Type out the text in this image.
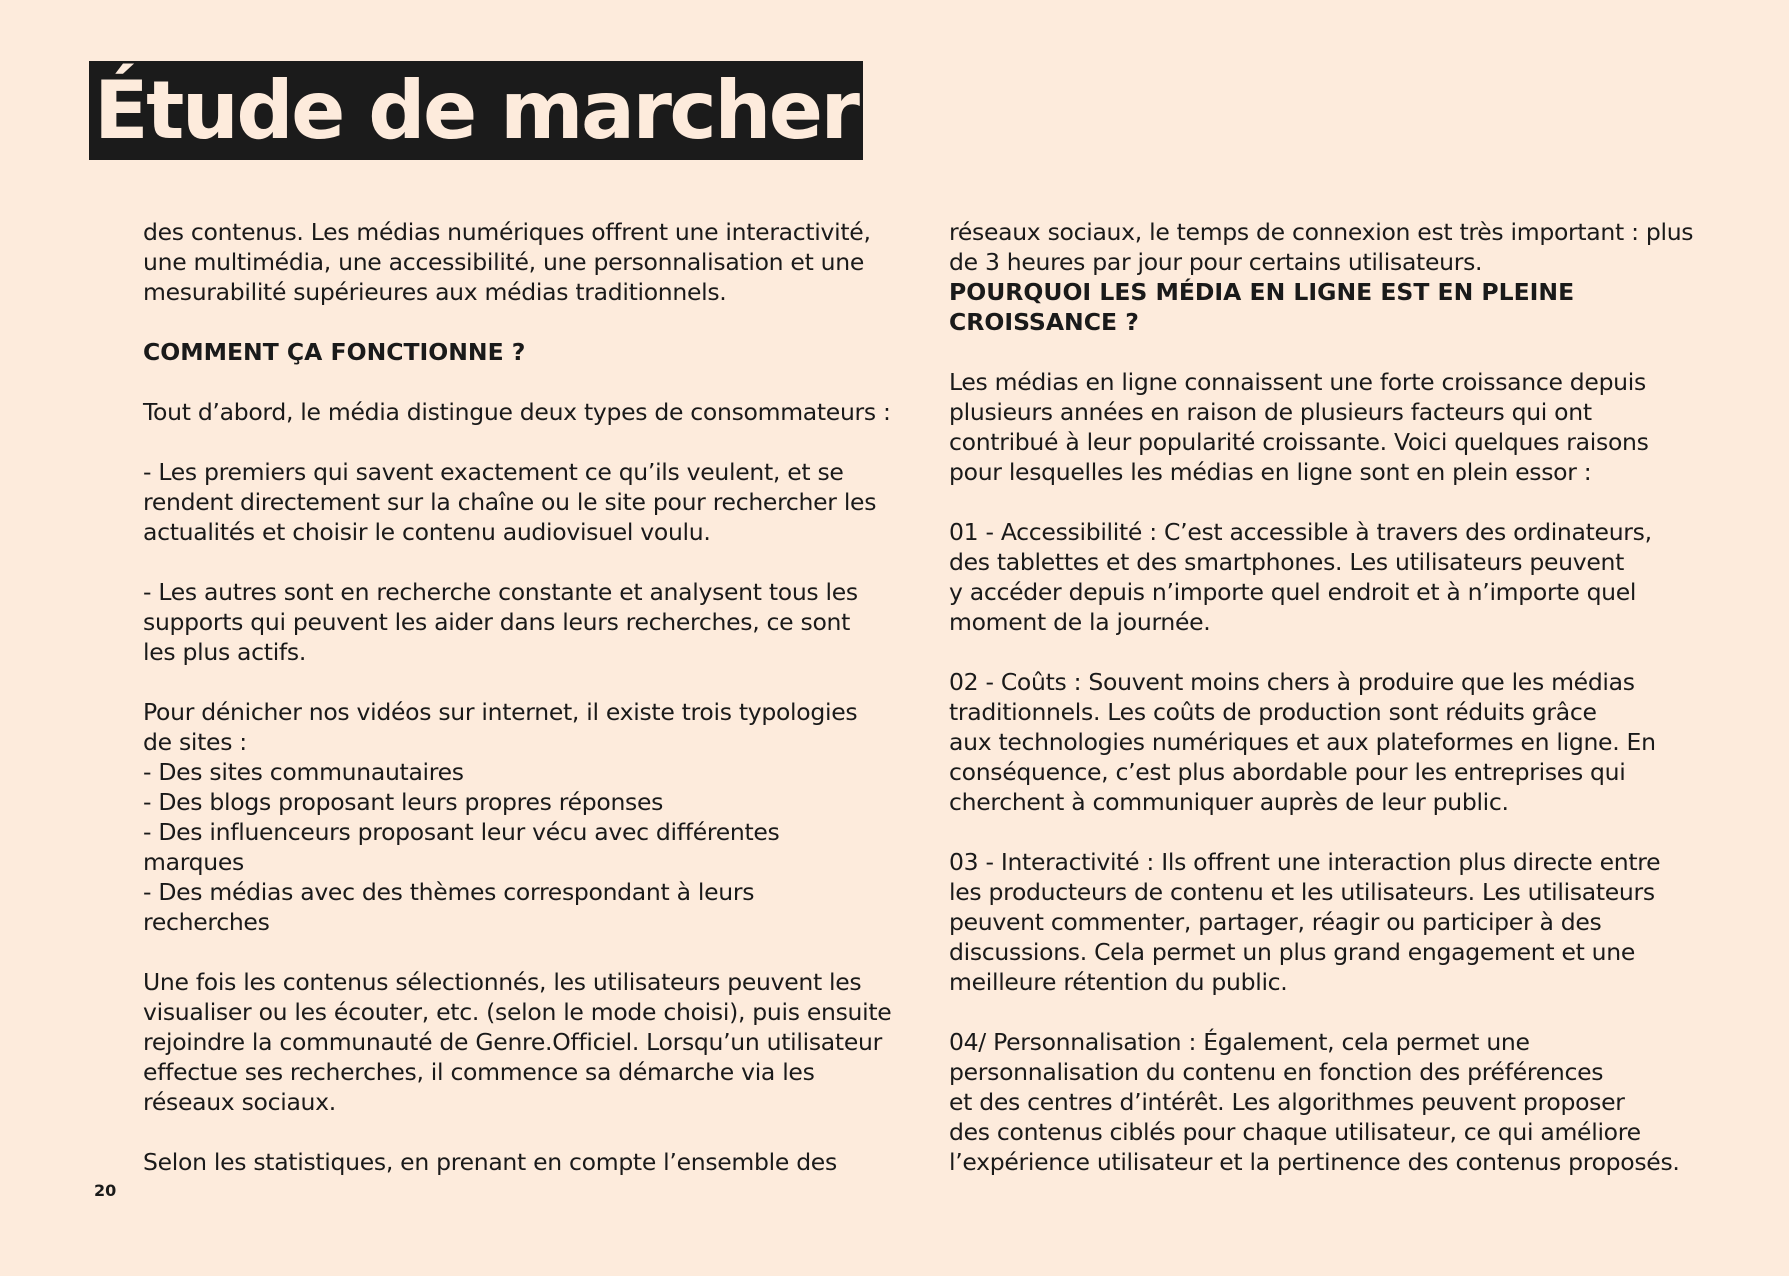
Étude de marcher

des contenus. Les médias numériques offrent une interactivité,
une multimédia, une accessibilité, une personnalisation et une
mesurabilité supérieures aux médias traditionnels.

COMMENT ÇA FONCTIONNE ?

Tout d’abord, le média distingue deux types de consommateurs :

- Les premiers qui savent exactement ce qu’ils veulent, et se
rendent directement sur la chaîne ou le site pour rechercher les
actualités et choisir le contenu audiovisuel voulu.

- Les autres sont en recherche constante et analysent tous les
supports qui peuvent les aider dans leurs recherches, ce sont
les plus actifs.

Pour dénicher nos vidéos sur internet, il existe trois typologies
de sites :

- Des sites communautaires
- Des blogs proposant leurs propres réponses
- Des influenceurs proposant leur vécu avec différentes
marques
- Des médias avec des thèmes correspondant à leurs
recherches

Une fois les contenus sélectionnés, les utilisateurs peuvent les
visualiser ou les écouter, etc. (selon le mode choisi), puis ensuite
rejoindre la communauté de Genre.Officiel. Lorsqu’un utilisateur
effectue ses recherches, il commence sa démarche via les
réseaux sociaux.

Selon les statistiques, en prenant en compte l’ensemble des

réseaux sociaux, le temps de connexion est très important : plus
de 3 heures par jour pour certains utilisateurs.

POURQUOI LES MÉDIA EN LIGNE EST EN PLEINE
CROISSANCE ?

Les médias en ligne connaissent une forte croissance depuis
plusieurs années en raison de plusieurs facteurs qui ont
contribué à leur popularité croissante. Voici quelques raisons
pour lesquelles les médias en ligne sont en plein essor :

01 - Accessibilité : C’est accessible à travers des ordinateurs,
des tablettes et des smartphones. Les utilisateurs peuvent
y accéder depuis n’importe quel endroit et à n’importe quel
moment de la journée.

02 - Coûts : Souvent moins chers à produire que les médias
traditionnels. Les coûts de production sont réduits grâce
aux technologies numériques et aux plateformes en ligne. En
conséquence, c’est plus abordable pour les entreprises qui
cherchent à communiquer auprès de leur public.

03 - Interactivité : Ils offrent une interaction plus directe entre
les producteurs de contenu et les utilisateurs. Les utilisateurs
peuvent commenter, partager, réagir ou participer à des
discussions. Cela permet un plus grand engagement et une
meilleure rétention du public.

04/ Personnalisation : Également, cela permet une
personnalisation du contenu en fonction des préférences
et des centres d’intérêt. Les algorithmes peuvent proposer
des contenus ciblés pour chaque utilisateur, ce qui améliore
l’expérience utilisateur et la pertinence des contenus proposés.

20
